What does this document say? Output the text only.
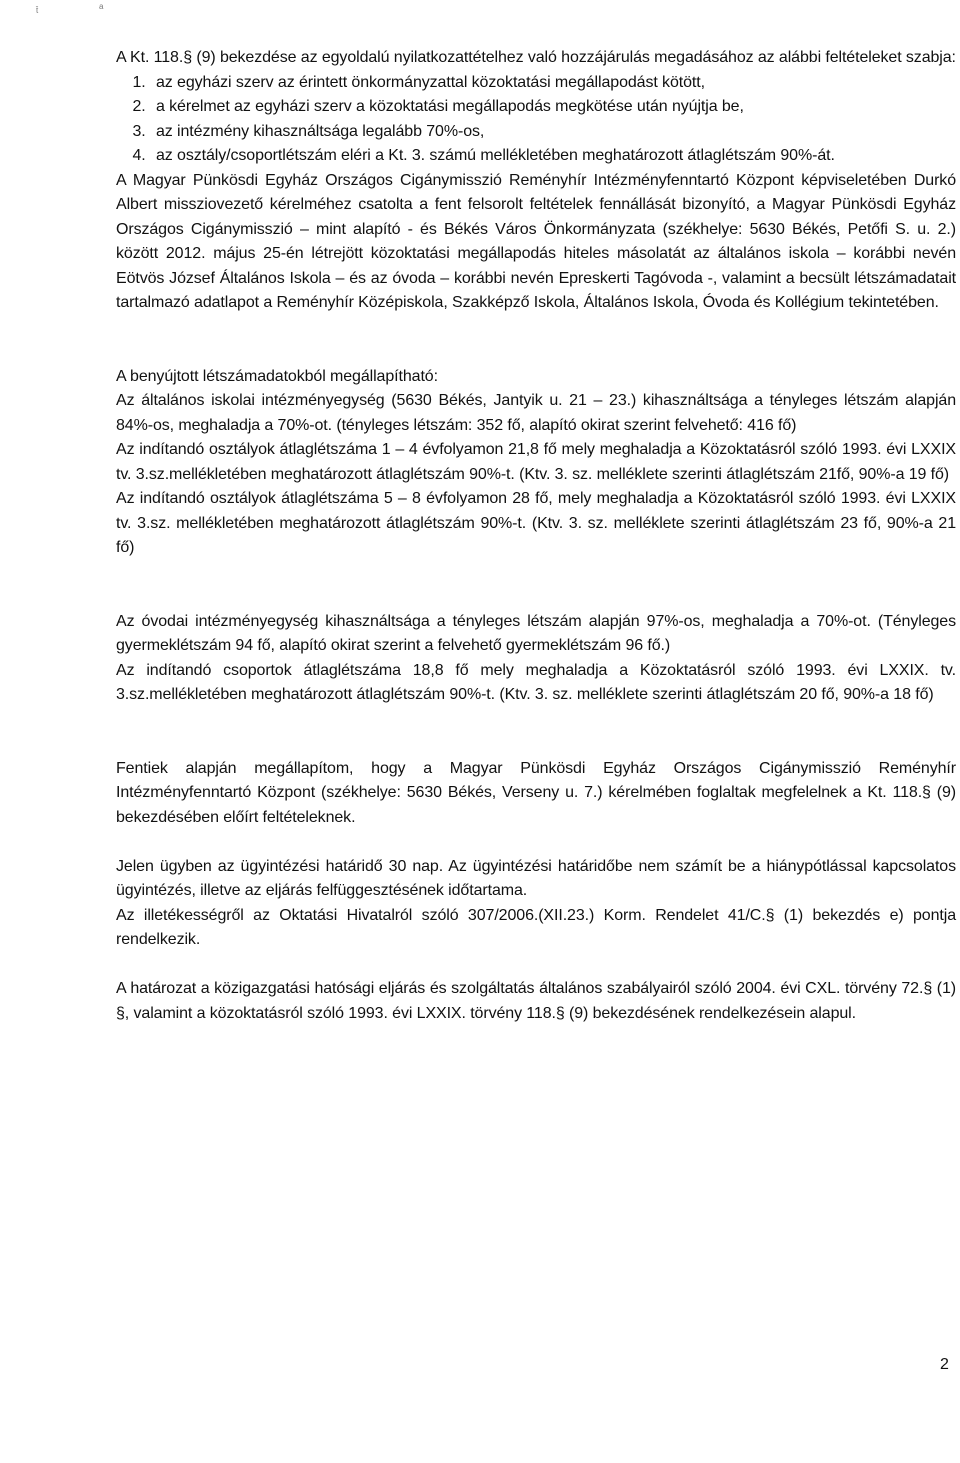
t̆	a

A Kt. 118.§ (9) bekezdése az egyoldalú nyilatkozattételhez való hozzájárulás megadásához az alábbi feltételeket szabja:

1. az egyházi szerv az érintett önkormányzattal közoktatási megállapodást kötött,
2. a kérelmet az egyházi szerv a közoktatási megállapodás megkötése után nyújtja be,
3. az intézmény kihasználtsága legalább 70%-os,
4. az osztály/csoportlétszám eléri a Kt. 3. számú mellékletében meghatározott átlaglétszám 90%-át.

A Magyar Pünkösdi Egyház Országos Cigánymisszió Reményhír Intézményfenntartó Központ képviseletében Durkó Albert missziovezető kérelméhez csatolta a fent felsorolt feltételek fennállását bizonyító, a Magyar Pünkösdi Egyház Országos Cigánymisszió – mint alapító - és Békés Város Önkormányzata (székhelye: 5630 Békés, Petőfi S. u. 2.) között 2012. május 25-én létrejött közoktatási megállapodás hiteles másolatát az általános iskola – korábbi nevén Eötvös József Általános Iskola – és az óvoda – korábbi nevén Epreskerti Tagóvoda -, valamint a becsült létszámadatait tartalmazó adatlapot a Reményhír Középiskola, Szakképző Iskola, Általános Iskola, Óvoda és Kollégium tekintetében.

A benyújtott létszámadatokból megállapítható:

Az általános iskolai intézményegység (5630 Békés, Jantyik u. 21 – 23.) kihasználtsága a tényleges létszám alapján 84%-os, meghaladja a 70%-ot. (tényleges létszám: 352 fő, alapító okirat szerint felvehető: 416 fő)

Az indítandó osztályok átlaglétszáma 1 – 4 évfolyamon 21,8 fő mely meghaladja a Közoktatásról szóló 1993. évi LXXIX tv. 3.sz.mellékletében meghatározott átlaglétszám 90%-t. (Ktv. 3. sz. melléklete szerinti átlaglétszám 21fő, 90%-a 19 fő)

Az indítandó osztályok átlaglétszáma 5 – 8 évfolyamon 28 fő, mely meghaladja a Közoktatásról szóló 1993. évi LXXIX tv. 3.sz. mellékletében meghatározott átlaglétszám 90%-t. (Ktv. 3. sz. melléklete szerinti átlaglétszám 23 fő, 90%-a 21 fő)

Az óvodai intézményegység kihasználtsága a tényleges létszám alapján 97%-os, meghaladja a 70%-ot. (Tényleges gyermeklétszám 94 fő, alapító okirat szerint a felvehető gyermeklétszám 96 fő.)

Az indítandó csoportok átlaglétszáma 18,8 fő mely meghaladja a Közoktatásról szóló 1993. évi LXXIX. tv. 3.sz.mellékletében meghatározott átlaglétszám 90%-t. (Ktv. 3. sz. melléklete szerinti átlaglétszám 20 fő, 90%-a 18 fő)

Fentiek alapján megállapítom, hogy a Magyar Pünkösdi Egyház Országos Cigánymisszió Reményhír Intézményfenntartó Központ (székhelye: 5630 Békés, Verseny u. 7.) kérelmében foglaltak megfelelnek a Kt. 118.§ (9) bekezdésében előírt feltételeknek.

Jelen ügyben az ügyintézési határidő 30 nap. Az ügyintézési határidőbe nem számít be a hiánypótlással kapcsolatos ügyintézés, illetve az eljárás felfüggesztésének időtartama.

Az illetékességről az Oktatási Hivatalról szóló 307/2006.(XII.23.) Korm. Rendelet 41/C.§ (1) bekezdés e) pontja rendelkezik.

A határozat a közigazgatási hatósági eljárás és szolgáltatás általános szabályairól szóló 2004. évi CXL. törvény 72.§ (1) §, valamint a közoktatásról szóló 1993. évi LXXIX. törvény 118.§ (9) bekezdésének rendelkezésein alapul.

2
